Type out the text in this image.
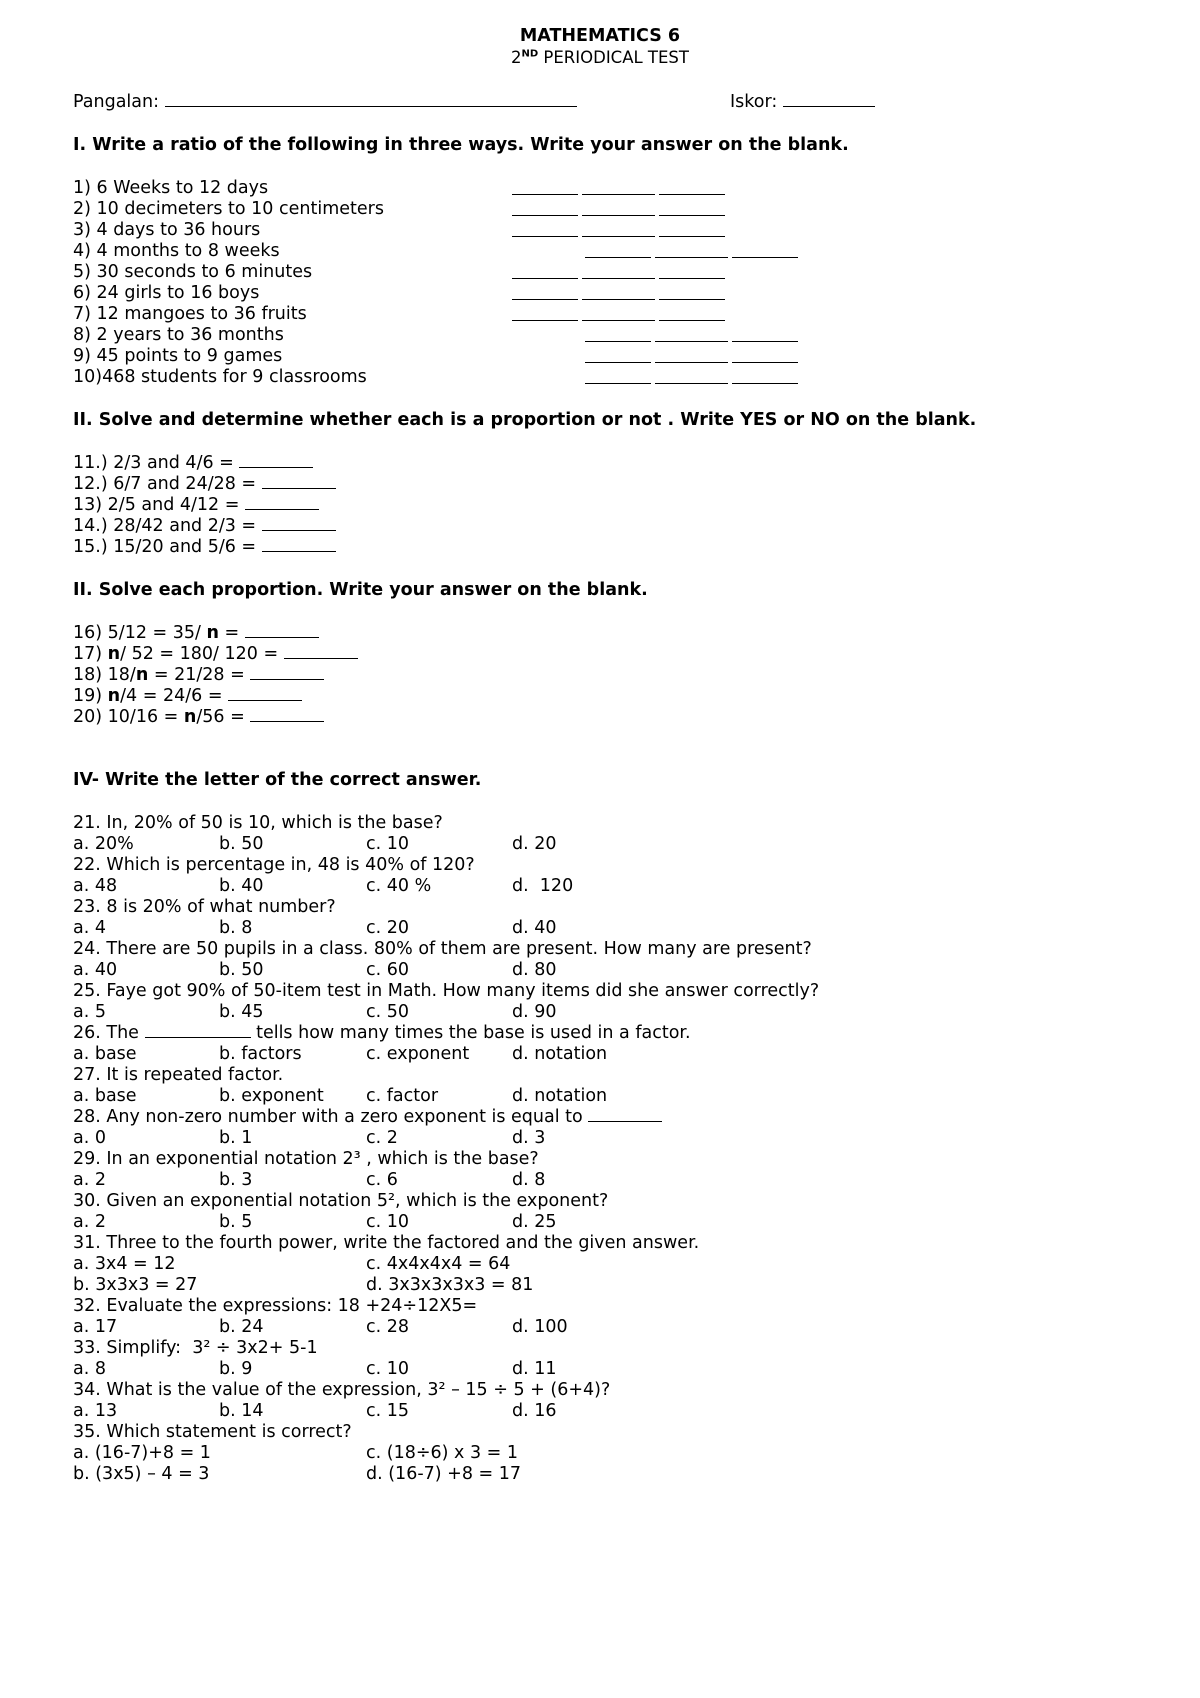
MATHEMATICS 6
2ND PERIODICAL TEST
Pangalan:	Iskor:
I. Write a ratio of the following in three ways. Write your answer on the blank.
1) 6 Weeks to 12 days
2) 10 decimeters to 10 centimeters
3) 4 days to 36 hours
4) 4 months to 8 weeks
5) 30 seconds to 6 minutes
6) 24 girls to 16 boys
7) 12 mangoes to 36 fruits
8) 2 years to 36 months
9) 45 points to 9 games
10)468 students for 9 classrooms
II. Solve and determine whether each is a proportion or not . Write YES or NO on the blank.
11.) 2/3 and 4/6 =
12.) 6/7 and 24/28 =
13) 2/5 and 4/12 =
14.) 28/42 and 2/3 =
15.) 15/20 and 5/6 =
II. Solve each proportion. Write your answer on the blank.
16) 5/12 = 35/ n =
17) n/ 52 = 180/ 120 =
18) 18/n = 21/28 =
19) n/4 = 24/6 =
20) 10/16 = n/56 =
IV- Write the letter of the correct answer.
21. In, 20% of 50 is 10, which is the base?
a. 20%	b. 50	c. 10	d. 20
22. Which is percentage in, 48 is 40% of 120?
a. 48	b. 40	c. 40 %	d.  120
23. 8 is 20% of what number?
a. 4	b. 8	c. 20	d. 40
24. There are 50 pupils in a class. 80% of them are present. How many are present?
a. 40	b. 50	c. 60	d. 80
25. Faye got 90% of 50-item test in Math. How many items did she answer correctly?
a. 5	b. 45	c. 50	d. 90
26. The	tells how many times the base is used in a factor.
a. base	b. factors	c. exponent d. notation
27. It is repeated factor.
a. base	b. exponent c. factor	d. notation
28. Any non-zero number with a zero exponent is equal to
a. 0	b. 1	c. 2	d. 3
29. In an exponential notation 2³ , which is the base?
a. 2	b. 3	c. 6	d. 8
30. Given an exponential notation 5², which is the exponent?
a. 2	b. 5	c. 10	d. 25
31. Three to the fourth power, write the factored and the given answer.
a. 3x4 = 12	c. 4x4x4x4 = 64
b. 3x3x3 = 27	d. 3x3x3x3x3 = 81
32. Evaluate the expressions: 18 +24÷12X5=
a. 17	b. 24	c. 28	d. 100
33. Simplify:  3² ÷ 3x2+ 5-1
a. 8	b. 9	c. 10	d. 11
34. What is the value of the expression, 3² – 15 ÷ 5 + (6+4)?
a. 13	b. 14	c. 15	d. 16
35. Which statement is correct?
a. (16-7)+8 = 1	c. (18÷6) x 3 = 1
b. (3x5) – 4 = 3	d. (16-7) +8 = 17
